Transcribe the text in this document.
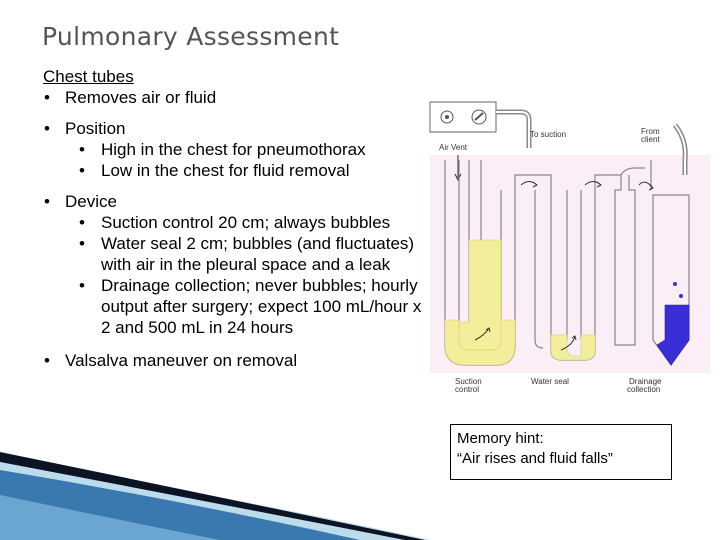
Pulmonary Assessment
Chest tubes
• Removes air or fluid
• Position
• High in the chest for pneumothorax
• Low in the chest for fluid removal
• Device
• Suction control 20 cm; always bubbles
• Water seal 2 cm; bubbles (and fluctuates) with air in the pleural space and a leak
• Drainage collection; never bubbles; hourly output after surgery; expect 100 mL/hour x 2 and 500 mL in 24 hours
• Valsalva maneuver on removal
Air Vent
To suction	From
client
Suction
control
Water seal	Drainage
collection
Memory hint:
“Air rises and fluid falls”
